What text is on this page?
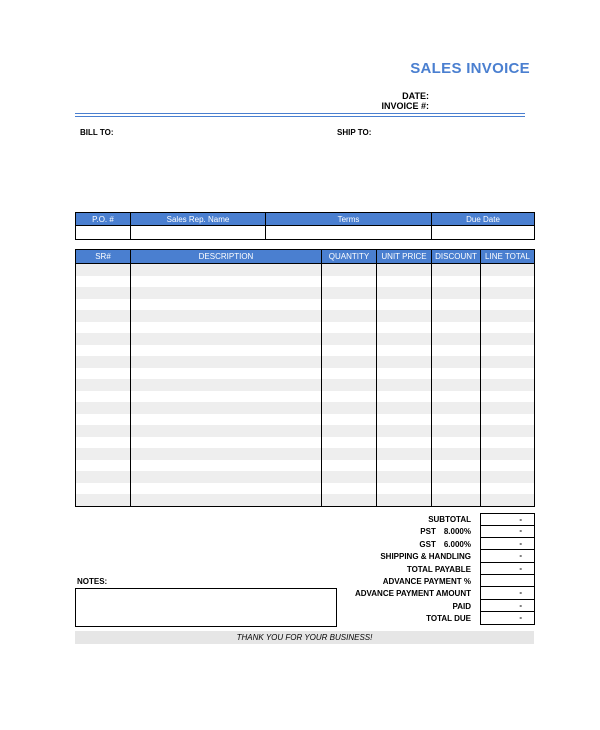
SALES INVOICE
DATE:
INVOICE #:
BILL TO:	SHIP TO:
P.O. #	Sales Rep. Name	Terms	Due Date

SR#	DESCRIPTION	QUANTITY	UNIT PRICE	DISCOUNT	LINE TOTAL

SUBTOTAL	-
PST 8.000%	-
GST 6.000%	-
SHIPPING & HANDLING	-
TOTAL PAYABLE	-
ADVANCE PAYMENT %
ADVANCE PAYMENT AMOUNT	-
PAID	-
TOTAL DUE	-
NOTES:
THANK YOU FOR YOUR BUSINESS!
